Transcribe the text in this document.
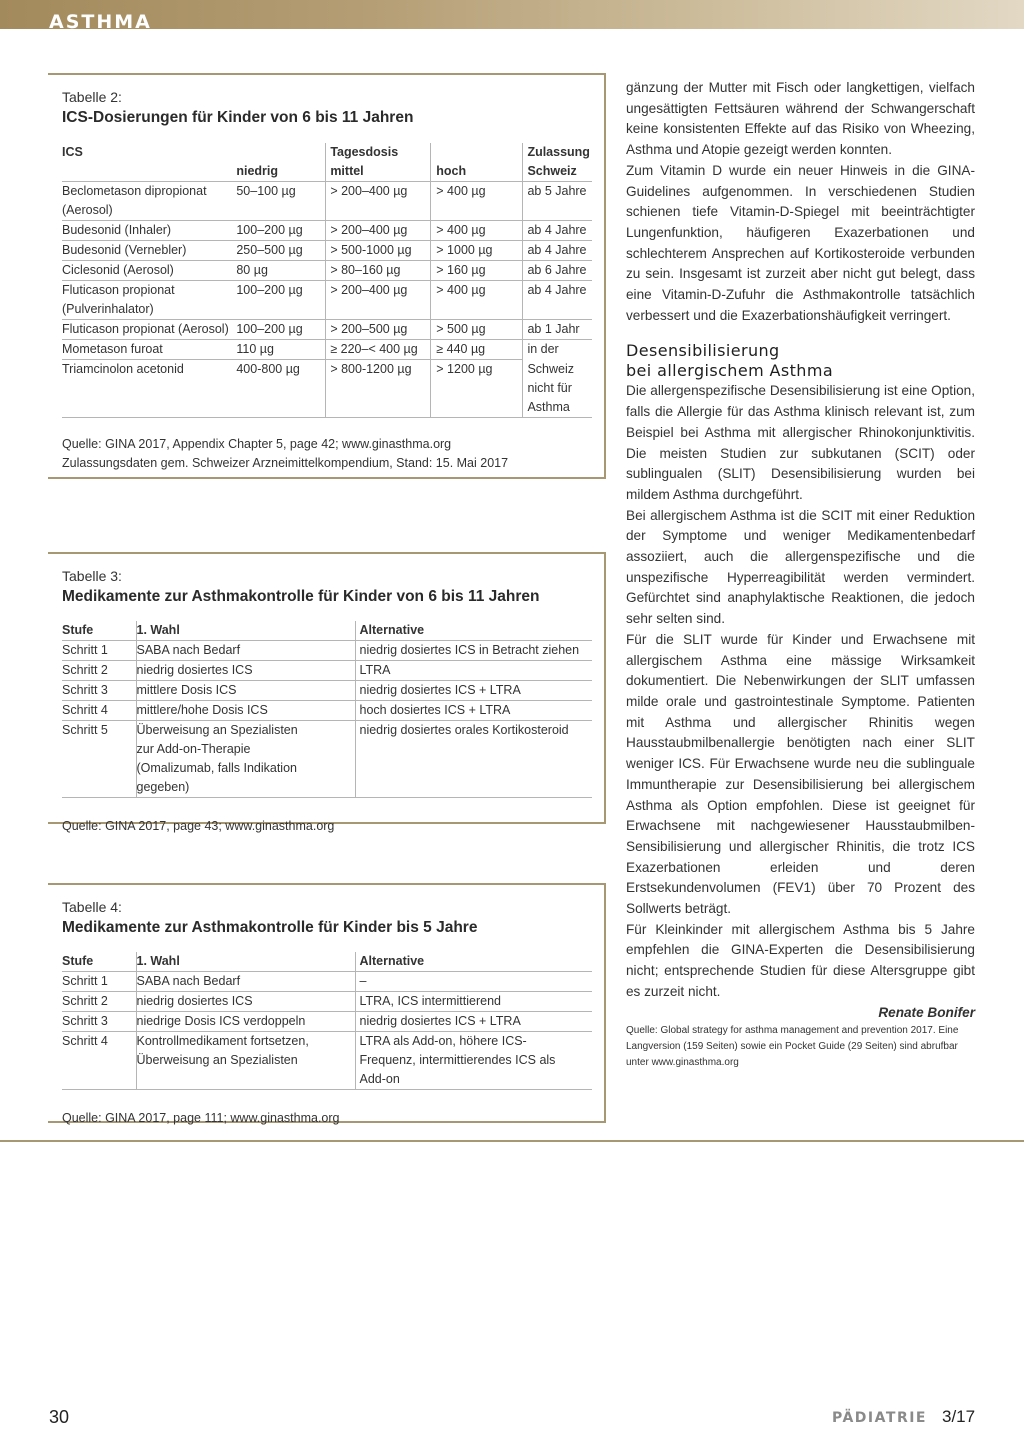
ASTHMA
Tabelle 2:
ICS-Dosierungen für Kinder von 6 bis 11 Jahren
ICS		Tagesdosis		Zulassung
	niedrig	mittel	hoch	Schweiz
Beclometason dipropionat (Aerosol)	50–100 µg	> 200–400 µg	> 400 µg	ab 5 Jahre
Budesonid (Inhaler)	100–200 µg	> 200–400 µg	> 400 µg	ab 4 Jahre
Budesonid (Vernebler)	250–500 µg	> 500-1000 µg	> 1000 µg	ab 4 Jahre
Ciclesonid (Aerosol)	80 µg	> 80–160 µg	> 160 µg	ab 6 Jahre
Fluticason propionat (Pulverinhalator)	100–200 µg	> 200–400 µg	> 400 µg	ab 4 Jahre
Fluticason propionat (Aerosol)	100–200 µg	> 200–500 µg	> 500 µg	ab 1 Jahr
Mometason furoat	110 µg	≥ 220–< 400 µg	≥ 440 µg	in der
Triamcinolon acetonid	400-800 µg	> 800-1200 µg	> 1200 µg	Schweiz nicht für Asthma
Quelle: GINA 2017, Appendix Chapter 5, page 42; www.ginasthma.org
Zulassungsdaten gem. Schweizer Arzneimittelkompendium, Stand: 15. Mai 2017
Tabelle 3:
Medikamente zur Asthmakontrolle für Kinder von 6 bis 11 Jahren
Stufe	1. Wahl	Alternative
Schritt 1	SABA nach Bedarf	niedrig dosiertes ICS in Betracht ziehen
Schritt 2	niedrig dosiertes ICS	LTRA
Schritt 3	mittlere Dosis ICS	niedrig dosiertes ICS + LTRA
Schritt 4	mittlere/hohe Dosis ICS	hoch dosiertes ICS + LTRA
Schritt 5	Überweisung an Spezialisten zur Add-on-Therapie (Omalizumab, falls Indikation gegeben)	niedrig dosiertes orales Kortikosteroid
Quelle: GINA 2017, page 43; www.ginasthma.org
Tabelle 4:
Medikamente zur Asthmakontrolle für Kinder bis 5 Jahre
Stufe	1. Wahl	Alternative
Schritt 1	SABA nach Bedarf	–
Schritt 2	niedrig dosiertes ICS	LTRA, ICS intermittierend
Schritt 3	niedrige Dosis ICS verdoppeln	niedrig dosiertes ICS + LTRA
Schritt 4	Kontrollmedikament fortsetzen, Überweisung an Spezialisten	LTRA als Add-on, höhere ICS-Frequenz, intermittierendes ICS als Add-on
Quelle: GINA 2017, page 111; www.ginasthma.org

gänzung der Mutter mit Fisch oder langkettigen, vielfach ungesättigten Fettsäuren während der Schwangerschaft keine konsistenten Effekte auf das Risiko von Wheezing, Asthma und Atopie gezeigt werden konnten.

Zum Vitamin D wurde ein neuer Hinweis in die GINA-Guidelines aufgenommen. In verschiedenen Studien schienen tiefe Vitamin-D-Spiegel mit beeinträchtigter Lungenfunktion, häufigeren Exazerbationen und schlechterem Ansprechen auf Kortikosteroide verbunden zu sein. Insgesamt ist zurzeit aber nicht gut belegt, dass eine Vitamin-D-Zufuhr die Asthmakontrolle tatsächlich verbessert und die Exazerbationshäufigkeit verringert.

Desensibilisierung
bei allergischem Asthma

Die allergenspezifische Desensibilisierung ist eine Option, falls die Allergie für das Asthma klinisch relevant ist, zum Beispiel bei Asthma mit allergischer Rhinokonjunktivitis. Die meisten Studien zur subkutanen (SCIT) oder sublingualen (SLIT) Desensibilisierung wurden bei mildem Asthma durchgeführt.

Bei allergischem Asthma ist die SCIT mit einer Reduktion der Symptome und weniger Medikamentenbedarf assoziiert, auch die allergenspezifische und die unspezifische Hyperreagibilität werden vermindert. Gefürchtet sind anaphylaktische Reaktionen, die jedoch sehr selten sind.

Für die SLIT wurde für Kinder und Erwachsene mit allergischem Asthma eine mässige Wirksamkeit dokumentiert. Die Nebenwirkungen der SLIT umfassen milde orale und gastrointestinale Symptome. Patienten mit Asthma und allergischer Rhinitis wegen Hausstaubmilbenallergie benötigten nach einer SLIT weniger ICS. Für Erwachsene wurde neu die sublinguale Immuntherapie zur Desensibilisierung bei allergischem Asthma als Option empfohlen. Diese ist geeignet für Erwachsene mit nachgewiesener Hausstaubmilben-Sensibilisierung und allergischer Rhinitis, die trotz ICS Exazerbationen erleiden und deren Erstsekundenvolumen (FEV1) über 70 Prozent des Sollwerts beträgt.

Für Kleinkinder mit allergischem Asthma bis 5 Jahre empfehlen die GINA-Experten die Desensibilisierung nicht; entsprechende Studien für diese Altersgruppe gibt es zurzeit nicht.

Renate Bonifer

Quelle: Global strategy for asthma management and prevention 2017. Eine Langversion (159 Seiten) sowie ein Pocket Guide (29 Seiten) sind abrufbar unter www.ginasthma.org

30	PÄDIATRIE 3/17
